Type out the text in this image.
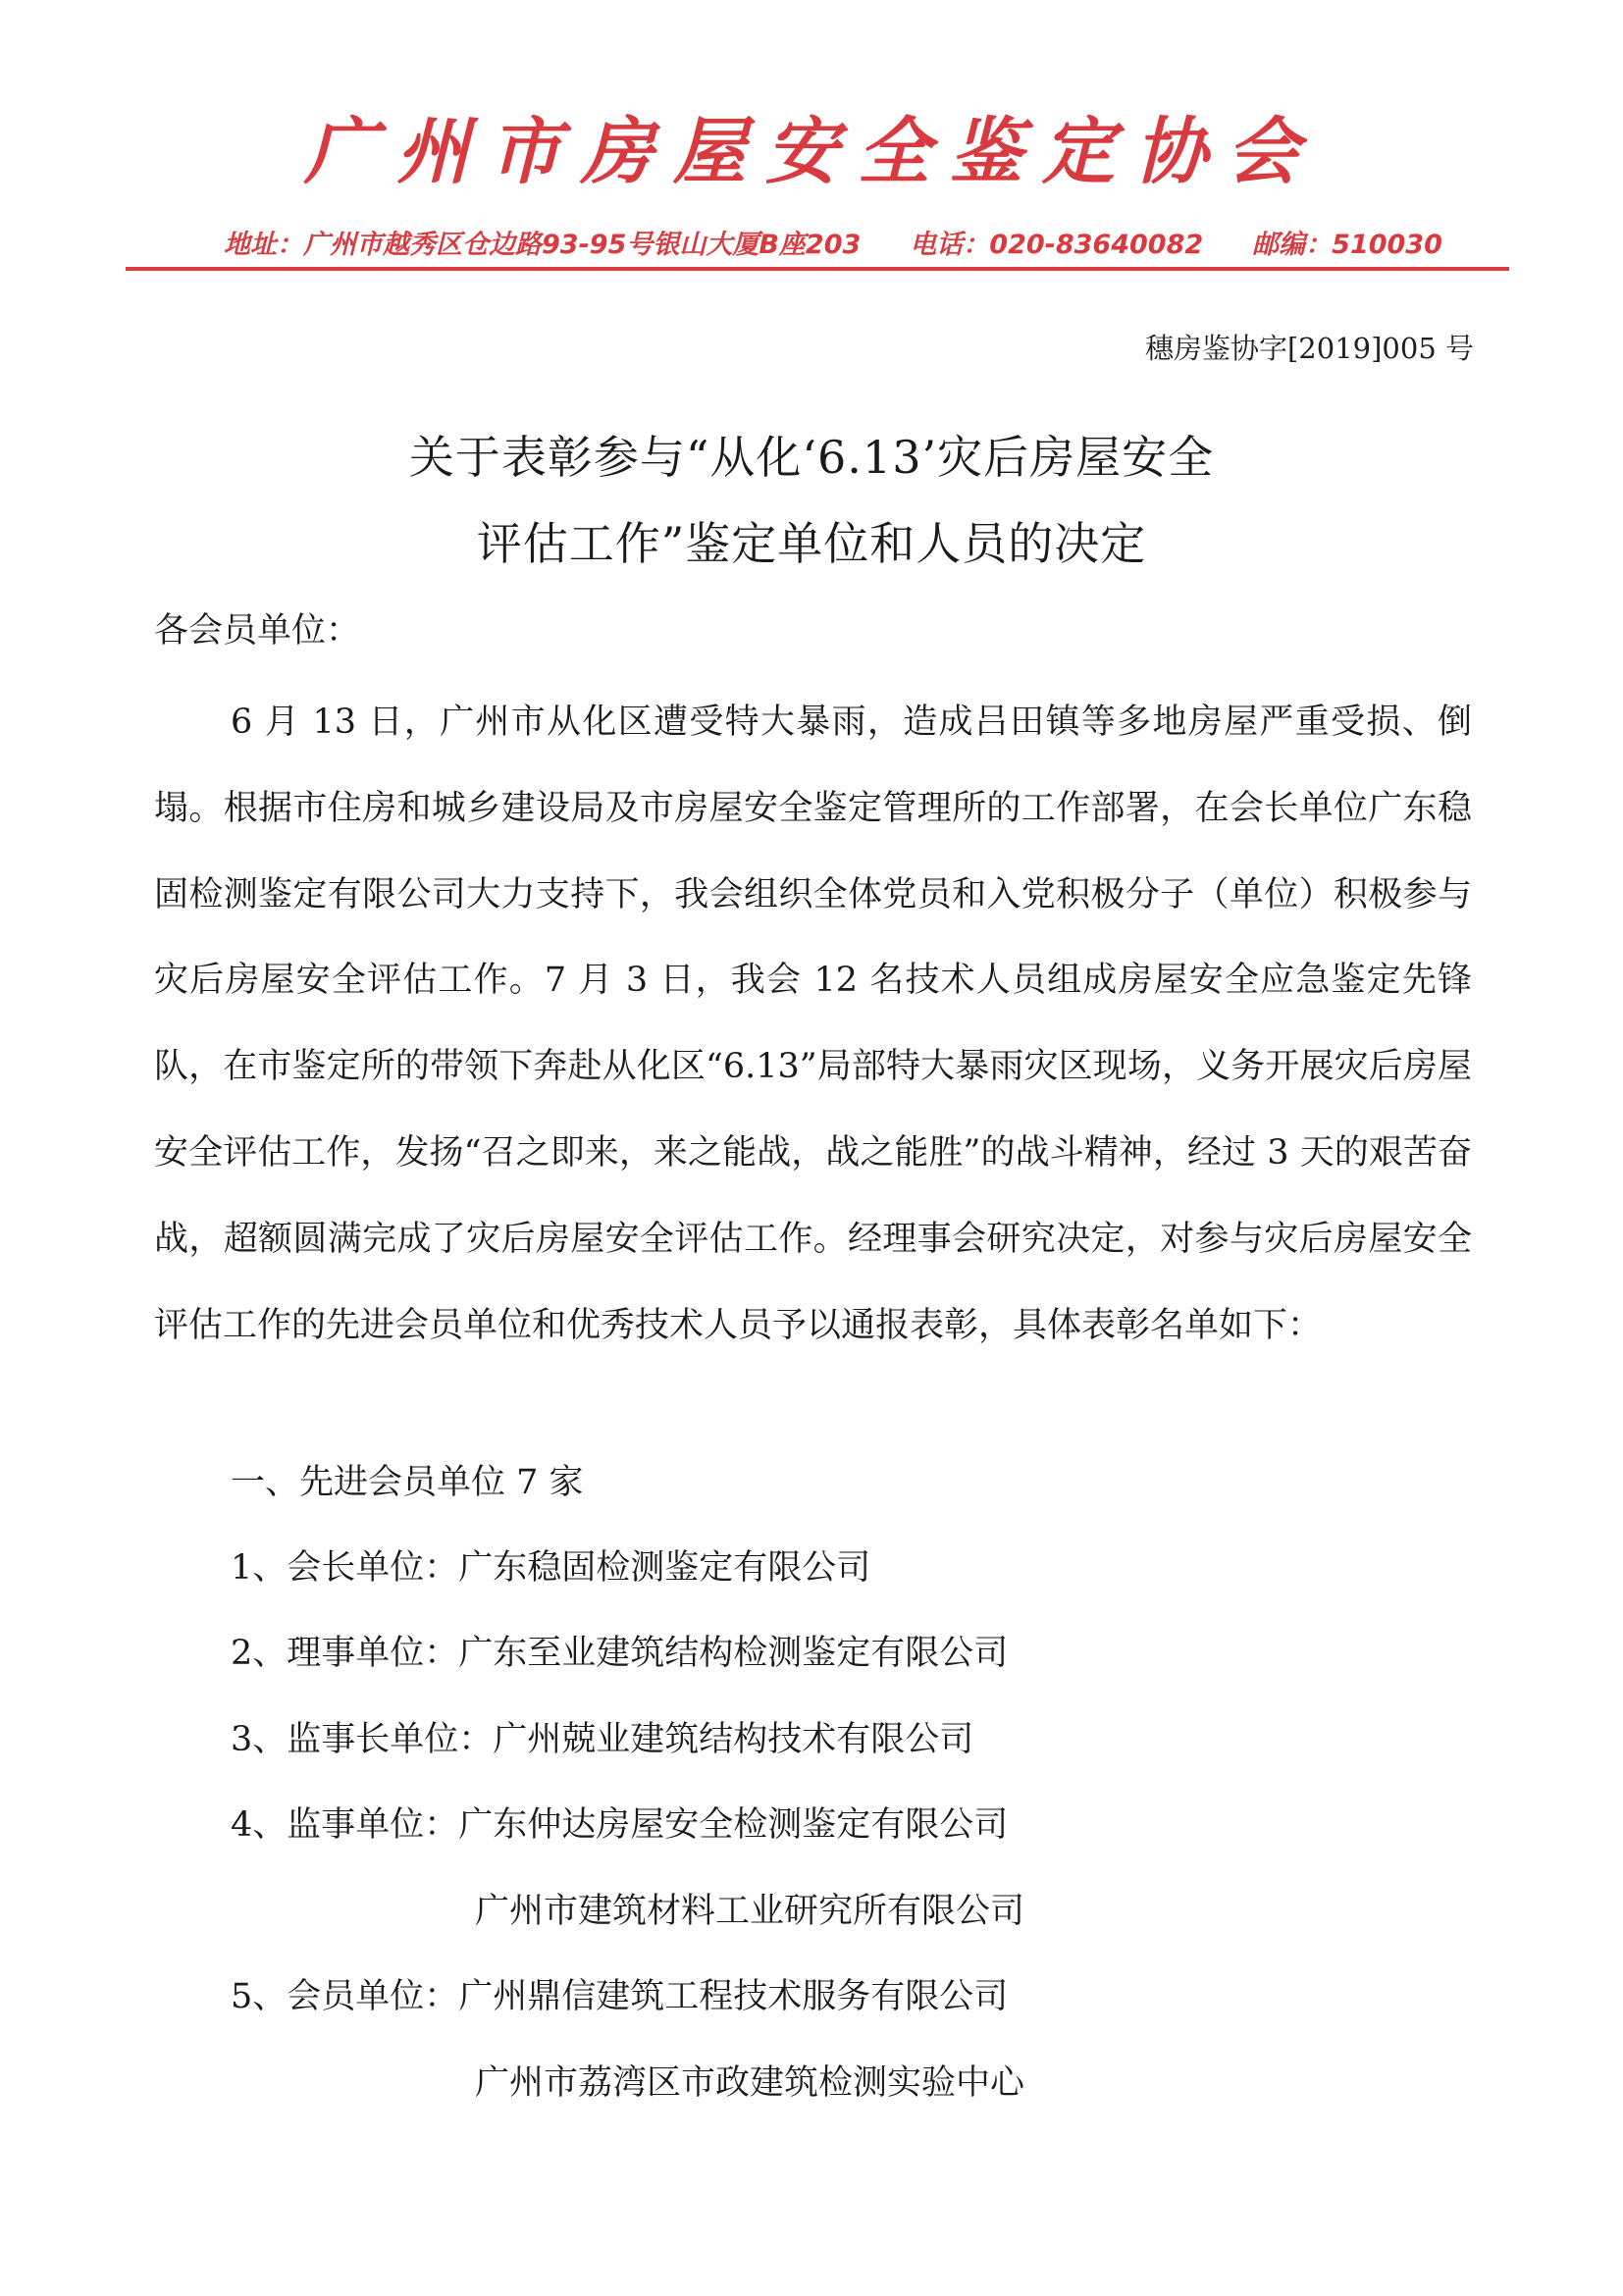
广州市房屋安全鉴定协会
地址：广州市越秀区仓边路93-95号银山大厦B座203 电话：020-83640082 邮编：510030
穗房鉴协字[2019]005 号
关于表彰参与“从化‘6.13’灾后房屋安全
评估工作”鉴定单位和人员的决定
各会员单位：

6 月 13 日，广州市从化区遭受特大暴雨，造成吕田镇等多地房屋严重受损、倒塌。根据市住房和城乡建设局及市房屋安全鉴定管理所的工作部署，在会长单位广东稳固检测鉴定有限公司大力支持下，我会组织全体党员和入党积极分子（单位）积极参与灾后房屋安全评估工作。7 月 3 日，我会 12 名技术人员组成房屋安全应急鉴定先锋队，在市鉴定所的带领下奔赴从化区“6.13”局部特大暴雨灾区现场，义务开展灾后房屋安全评估工作，发扬“召之即来，来之能战，战之能胜”的战斗精神，经过 3 天的艰苦奋战，超额圆满完成了灾后房屋安全评估工作。经理事会研究决定，对参与灾后房屋安全评估工作的先进会员单位和优秀技术人员予以通报表彰，具体表彰名单如下：

一、先进会员单位 7 家
1、会长单位：广东稳固检测鉴定有限公司
2、理事单位：广东至业建筑结构检测鉴定有限公司
3、监事长单位：广州兢业建筑结构技术有限公司
4、监事单位：广东仲达房屋安全检测鉴定有限公司
广州市建筑材料工业研究所有限公司
5、会员单位：广州鼎信建筑工程技术服务有限公司
广州市荔湾区市政建筑检测实验中心
